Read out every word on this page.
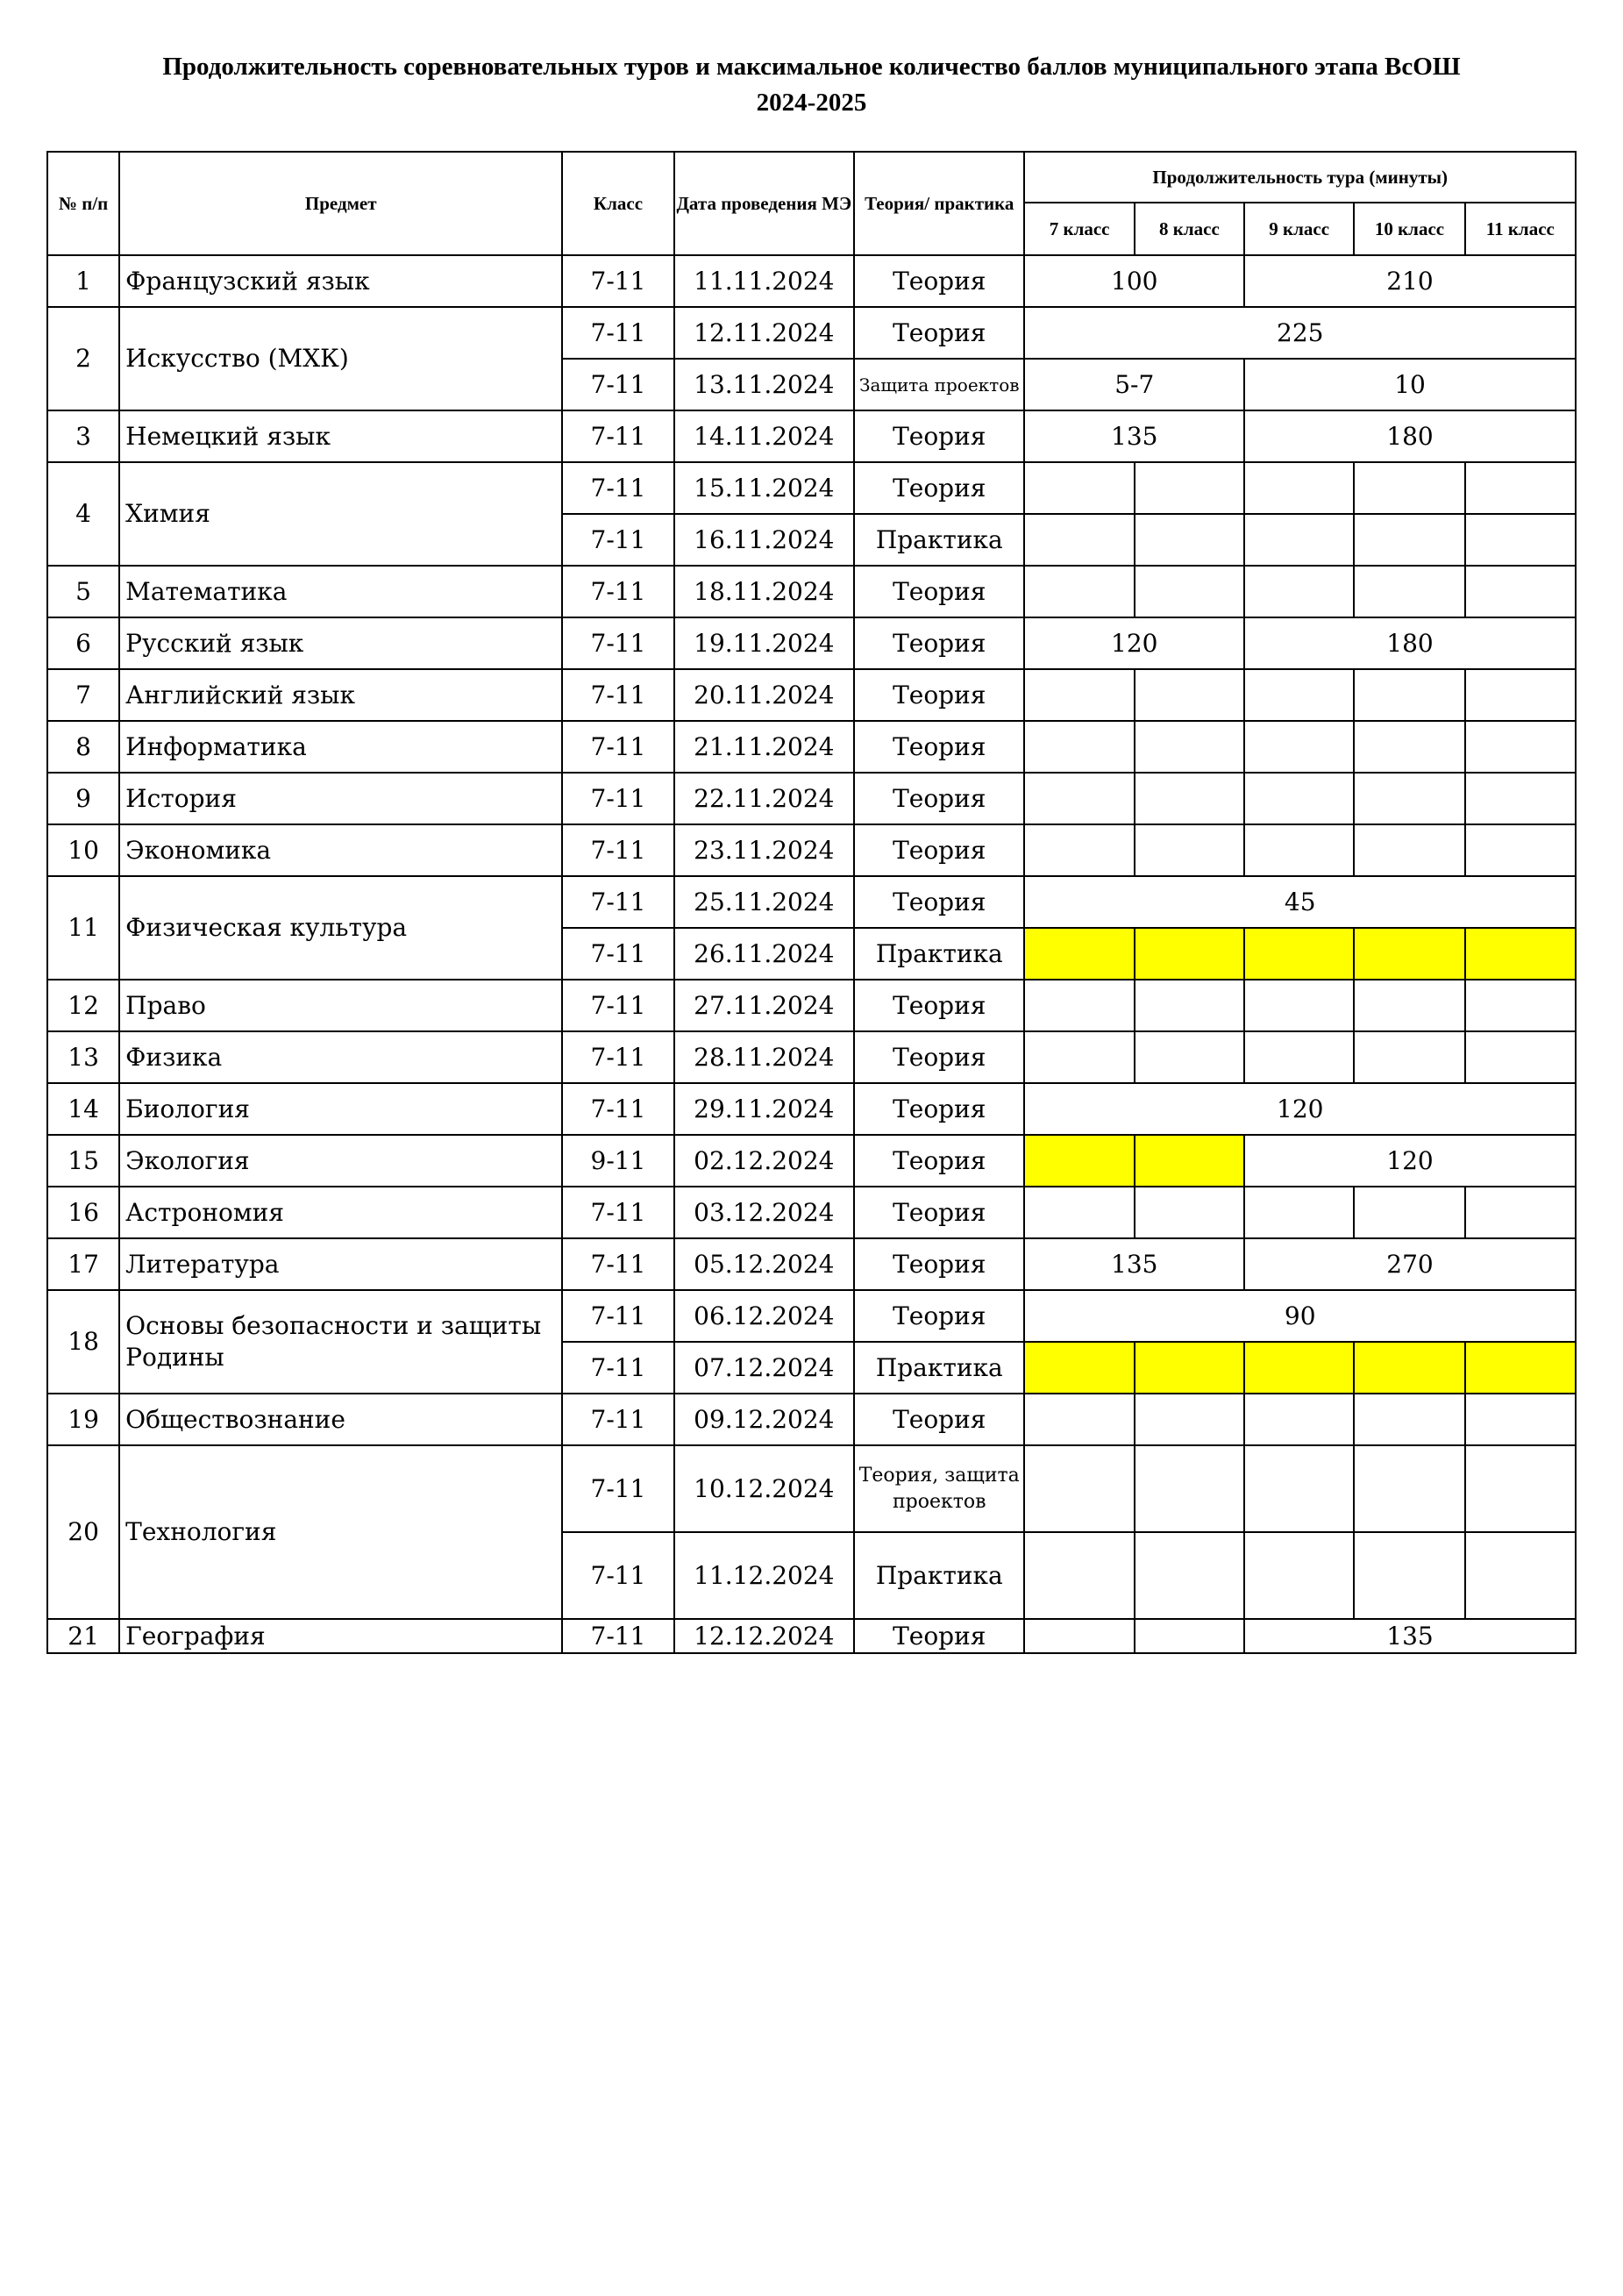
Продолжительность соревновательных туров и максимальное количество баллов муниципального этапа ВсОШ
2024-2025
№ п/п	Предмет	Класс	Дата проведения МЭ	Теория/ практика	Продолжительность тура (минуты)				
					7 класс	8 класс	9 класс	10 класс	11 класс
1	Французский язык	7-11	11.11.2024	Теория	100		210		
2	Искусство (МХК)	7-11	12.11.2024	Теория	225				
		7-11	13.11.2024	Защита проектов	5-7		10		
3	Немецкий язык	7-11	14.11.2024	Теория	135		180		
4	Химия	7-11	15.11.2024	Теория					
		7-11	16.11.2024	Практика					
5	Математика	7-11	18.11.2024	Теория					
6	Русский язык	7-11	19.11.2024	Теория	120		180		
7	Английский язык	7-11	20.11.2024	Теория					
8	Информатика	7-11	21.11.2024	Теория					
9	История	7-11	22.11.2024	Теория					
10	Экономика	7-11	23.11.2024	Теория					
11	Физическая культура	7-11	25.11.2024	Теория	45				
		7-11	26.11.2024	Практика					
12	Право	7-11	27.11.2024	Теория					
13	Физика	7-11	28.11.2024	Теория					
14	Биология	7-11	29.11.2024	Теория	120				
15	Экология	9-11	02.12.2024	Теория			120		
16	Астрономия	7-11	03.12.2024	Теория					
17	Литература	7-11	05.12.2024	Теория	135		270		
18	Основы безопасности и защиты Родины	7-11	06.12.2024	Теория	90				
		7-11	07.12.2024	Практика					
19	Обществознание	7-11	09.12.2024	Теория					
20	Технология	7-11	10.12.2024	Теория, защита проектов					
		7-11	11.12.2024	Практика					
21	География	7-11	12.12.2024	Теория			135		
